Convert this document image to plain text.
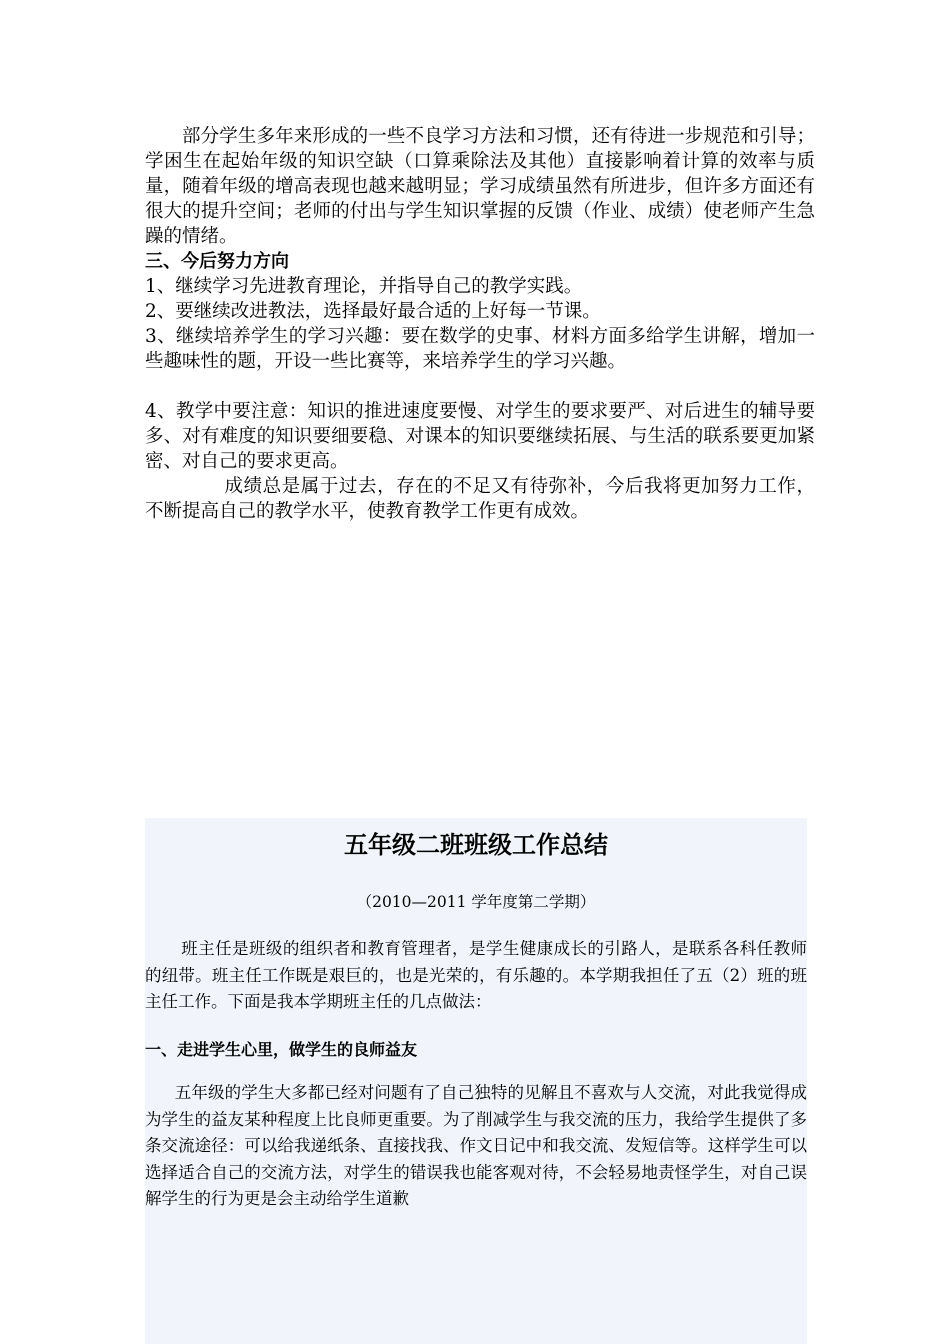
部分学生多年来形成的一些不良学习方法和习惯，还有待进一步规范和引导；学困生在起始年级的知识空缺（口算乘除法及其他）直接影响着计算的效率与质量，随着年级的增高表现也越来越明显；学习成绩虽然有所进步，但许多方面还有很大的提升空间；老师的付出与学生知识掌握的反馈（作业、成绩）使老师产生急躁的情绪。

三、今后努力方向

1、继续学习先进教育理论，并指导自己的教学实践。

2、要继续改进教法，选择最好最合适的上好每一节课。

3、继续培养学生的学习兴趣：要在数学的史事、材料方面多给学生讲解，增加一些趣味性的题，开设一些比赛等，来培养学生的学习兴趣。

4、教学中要注意：知识的推进速度要慢、对学生的要求要严、对后进生的辅导要多、对有难度的知识要细要稳、对课本的知识要继续拓展、与生活的联系要更加紧密、对自己的要求更高。

成绩总是属于过去，存在的不足又有待弥补，今后我将更加努力工作，不断提高自己的教学水平，使教育教学工作更有成效。

五年级二班班级工作总结
（2010—2011 学年度第二学期）

班主任是班级的组织者和教育管理者，是学生健康成长的引路人，是联系各科任教师的纽带。班主任工作既是艰巨的，也是光荣的，有乐趣的。本学期我担任了五（2）班的班主任工作。下面是我本学期班主任的几点做法：

一、走进学生心里，做学生的良师益友

五年级的学生大多都已经对问题有了自己独特的见解且不喜欢与人交流，对此我觉得成为学生的益友某种程度上比良师更重要。为了削减学生与我交流的压力，我给学生提供了多条交流途径：可以给我递纸条、直接找我、作文日记中和我交流、发短信等。这样学生可以选择适合自己的交流方法，对学生的错误我也能客观对待，不会轻易地责怪学生，对自己误解学生的行为更是会主动给学生道歉
